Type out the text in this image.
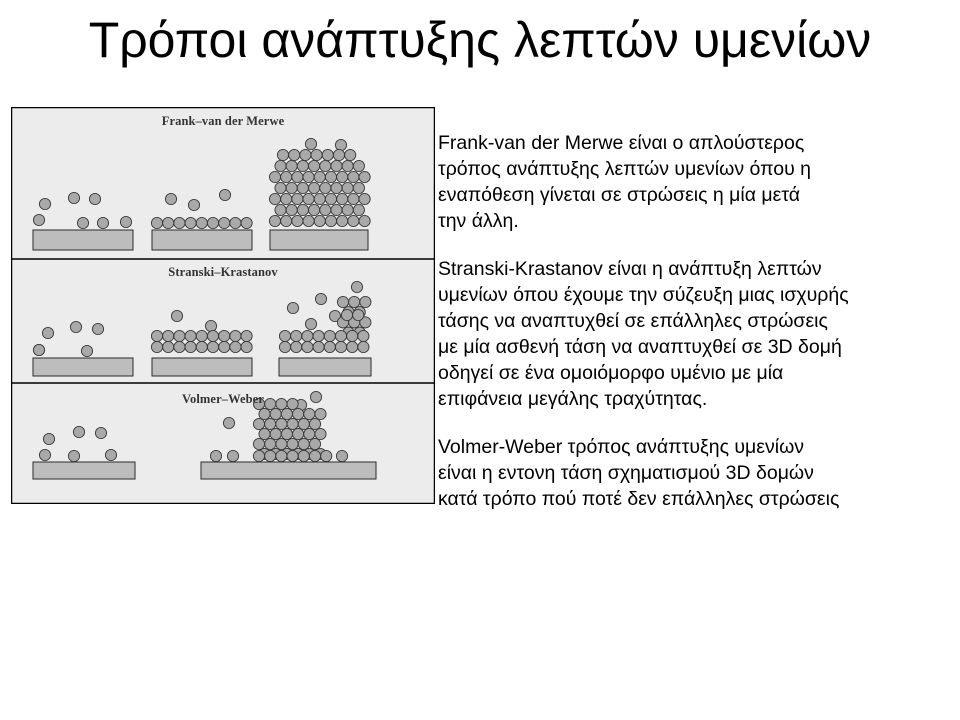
Τρόποι ανάπτυξης λεπτών υμενίων
Frank–van der Merwe
Stranski–Krastanov
Volmer–Weber

Frank-van der Merwe είναι ο απλούστερος
τρόπος ανάπτυξης λεπτών υμενίων όπου η
εναπόθεση γίνεται σε στρώσεις η μία μετά
την άλλη.

Stranski-Krastanov είναι η ανάπτυξη λεπτών
υμενίων όπου έχουμε την σύζευξη μιας ισχυρής
τάσης να αναπτυχθεί σε επάλληλες στρώσεις
με μία ασθενή τάση να αναπτυχθεί σε 3D δομή
οδηγεί σε ένα ομοιόμορφο υμένιο με μία
επιφάνεια μεγάλης τραχύτητας.

Volmer-Weber τρόπος ανάπτυξης υμενίων
είναι η εντονη τάση σχηματισμού 3D δομών
κατά τρόπο πού ποτέ δεν επάλληλες στρώσεις
